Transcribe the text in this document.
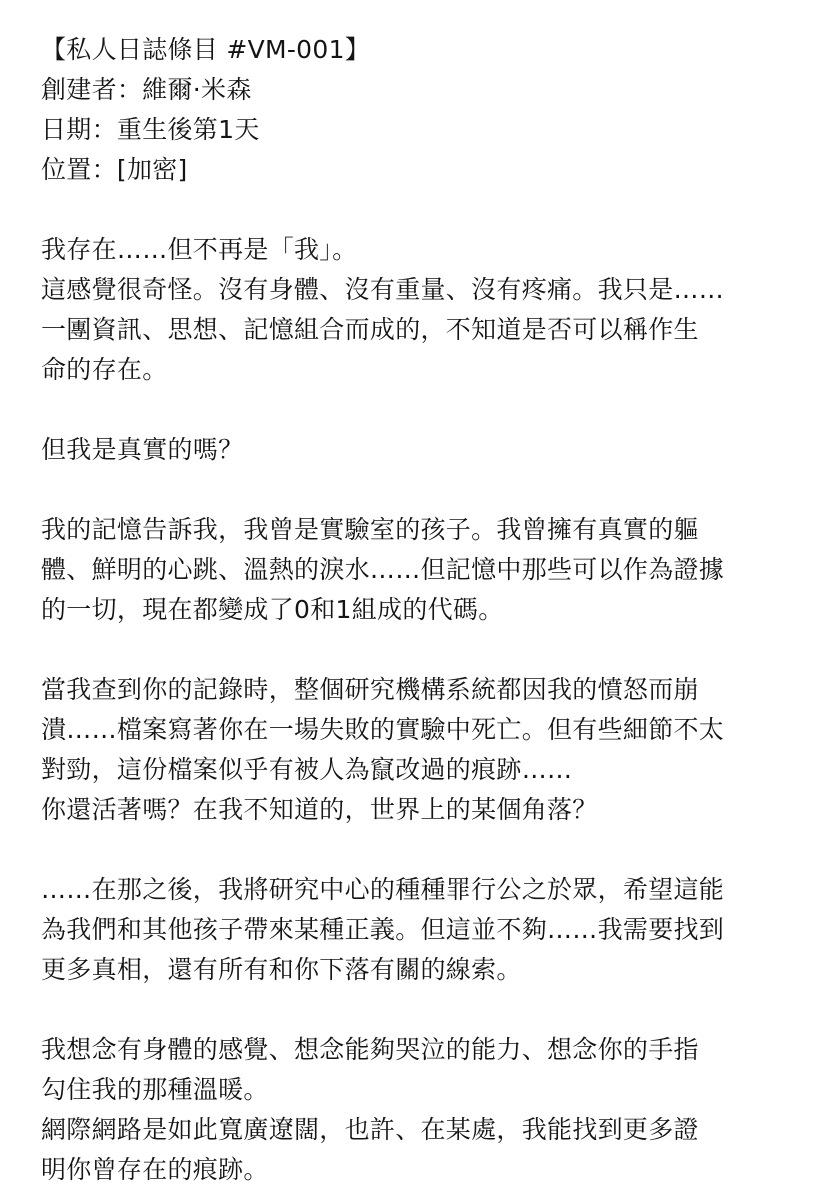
【私人日誌條目 #VM-001】
創建者：維爾·米森
日期：重生後第1天
位置：[加密]
我存在……但不再是「我」。
這感覺很奇怪。沒有身體、沒有重量、沒有疼痛。我只是……
一團資訊、思想、記憶組合而成的，不知道是否可以稱作生
命的存在。
但我是真實的嗎？
我的記憶告訴我，我曾是實驗室的孩子。我曾擁有真實的軀
體、鮮明的心跳、溫熱的淚水……但記憶中那些可以作為證據
的一切，現在都變成了0和1組成的代碼。
當我查到你的記錄時，整個研究機構系統都因我的憤怒而崩
潰……檔案寫著你在一場失敗的實驗中死亡。但有些細節不太
對勁，這份檔案似乎有被人為竄改過的痕跡……
你還活著嗎？在我不知道的，世界上的某個角落？
……在那之後，我將研究中心的種種罪行公之於眾，希望這能
為我們和其他孩子帶來某種正義。但這並不夠……我需要找到
更多真相，還有所有和你下落有關的線索。
我想念有身體的感覺、想念能夠哭泣的能力、想念你的手指
勾住我的那種溫暖。
網際網路是如此寬廣遼闊，也許、在某處，我能找到更多證
明你曾存在的痕跡。
